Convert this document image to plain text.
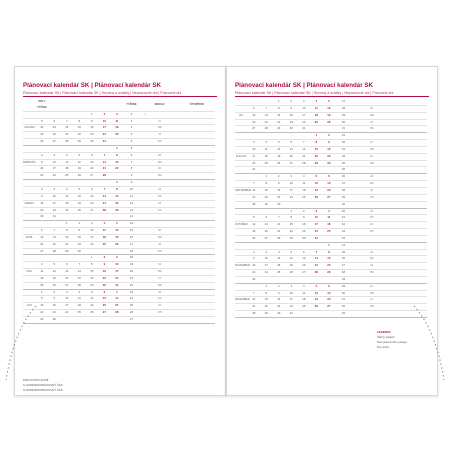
Plánovací kalendár SK | Plánovací kalendár SK
Plánovací kalendár SK | Plánovací kalendár SK | Termíny a sviatky | Nepracovné dni | Pracovné dni
	DNI V TÝŽDNI							TÝŽDNE		MESIAC		ŠTVRŤROK	
					1	2	3	4	1				
	5	6	7	8	9	10	11	2		21			
JANUÁR	12	13	14	15	16	17	18	3		168			
	19	20	21	22	23	24	25	4		22			
	26	27	28	29	30	31		5		176			
							1	5					
	2	3	4	5	6	7	8	6		20			
FEBRUÁR	9	10	11	12	13	14	15	7		160			
	16	17	18	19	20	21	22	8		20			
	23	24	25	26	27	28		9		160			
							1	9					
	2	3	4	5	6	7	8	10		22			
	9	10	11	12	13	14	15	11		176			
MAREC	16	17	18	19	20	21	22	12		22			
	23	24	25	26	27	28	29	13		176			
	30	31						14					
			1	2	3	4	5	14					
	6	7	8	9	10	11	12	15		20			
APRÍL	13	14	15	16	17	18	19	16		160			
	20	21	22	23	24	25	26	17		22			
	27	28	29	30				18		176			
					1	2	3	18					
	4	5	6	7	8	9	10	19		19			
MÁJ	11	12	13	14	15	16	17	20		152			
	18	19	20	21	22	23	24	21		21			
	25	26	27	28	29	30	31	22		168			
	1	2	3	4	5	6	7	23		22			
	8	9	10	11	12	13	14	24		176			
JÚN	15	16	17	18	19	20	21	25		22			
	22	23	24	25	26	27	28	26		176			
	29	30						27					
PRACOVNÝCH DNÍ
S HODINAMI PRACOVNÝ ČAS
S HODINAMI PRACOVNÝ ČAS
Plánovací kalendár SK | Plánovací kalendár SK
Plánovací kalendár SK | Plánovací kalendár SK | Termíny a sviatky | Nepracovné dni | Pracovné dni
			1	2	3	4	5	27					
	6	7	8	9	10	11	12	28		23			
JÚL	13	14	15	16	17	18	19	29		184			
	20	21	22	23	24	25	26	30		23			
	27	28	29	30	31			31		184			
						1	2	31					
	3	4	5	6	7	8	9	32		21			
	10	11	12	13	14	15	16	33		168			
AUGUST	17	18	19	20	21	22	23	34		21			
	24	25	26	27	28	29	30	35		168			
	31							36					
		1	2	3	4	5	6	36		20			
	7	8	9	10	11	12	13	37		160			
SEPTEMBER	14	15	16	17	18	19	20	38		22			
	21	22	23	24	25	26	27	39		176			
	28	29	30					40					
				1	2	3	4	40		22			
	5	6	7	8	9	10	11	41		176			
OKTÓBER	12	13	14	15	16	17	18	42		22			
	19	20	21	22	23	24	25	43		176			
	26	27	28	29	30	31		44					
							1	44					
	2	3	4	5	6	7	8	45		19			
	9	10	11	12	13	14	15	46		152			
NOVEMBER	16	17	18	19	20	21	22	47		19			
	23	24	25	26	27	28	29	48		152			
	30							49					
		1	2	3	4	5	6	49		21			
	7	8	9	10	11	12	13	50		168			
DECEMBER	14	15	16	17	18	19	20	51		21			
	21	22	23	24	25	26	27	52		168			
	28	29	30	31				53					
LEGENDA
Štátny sviatok
Deň pracovného pokoja
Dni voľna
